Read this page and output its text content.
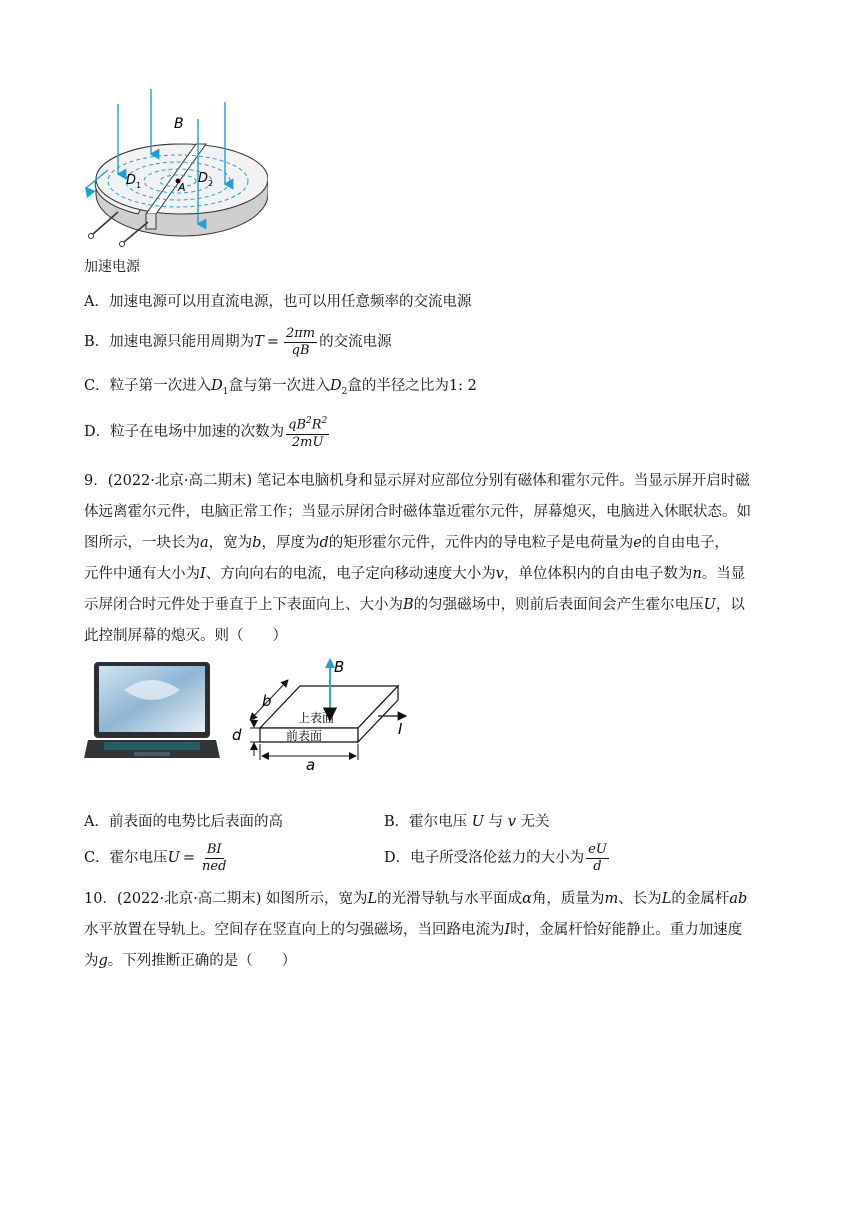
B
D 1	D 2
A
加速电源
A．加速电源可以用直流电源，也可以用任意频率的交流电源
B．加速电源只能用周期为 $T = \frac{2\pi m}{qB}$ 的交流电源
C．粒子第一次进入$D_1$盒与第一次进入$D_2$盒的半径之比为1: 2
D．粒子在电场中加速的次数为 $\frac{qB^2R^2}{2mU}$
9．(2022·北京·高二期末) 笔记本电脑机身和显示屏对应部位分别有磁体和霍尔元件。当显示屏开启时磁
体远离霍尔元件，电脑正常工作；当显示屏闭合时磁体靠近霍尔元件，屏幕熄灭，电脑进入休眠状态。如
图所示，一块长为a，宽为b，厚度为d的矩形霍尔元件，元件内的导电粒子是电荷量为e的自由电子，
元件中通有大小为I、方向向右的电流，电子定向移动速度大小为v，单位体积内的自由电子数为n。当显
示屏闭合时元件处于垂直于上下表面向上、大小为B的匀强磁场中，则前后表面间会产生霍尔电压U，以
此控制屏幕的熄灭。则（　　）
B
b
上表面
前表面	I
d
a
A．前表面的电势比后表面的高	B．霍尔电压 U 与 v 无关
C．霍尔电压 $U = \frac{BI}{\text{ned}}$	D．电子所受洛伦兹力的大小为 $\frac{eU}{d}$
10．(2022·北京·高二期末) 如图所示，宽为L的光滑导轨与水平面成α角，质量为m、长为L的金属杆ab
水平放置在导轨上。空间存在竖直向上的匀强磁场，当回路电流为I时，金属杆恰好能静止。重力加速度
为g。下列推断正确的是（　　）
